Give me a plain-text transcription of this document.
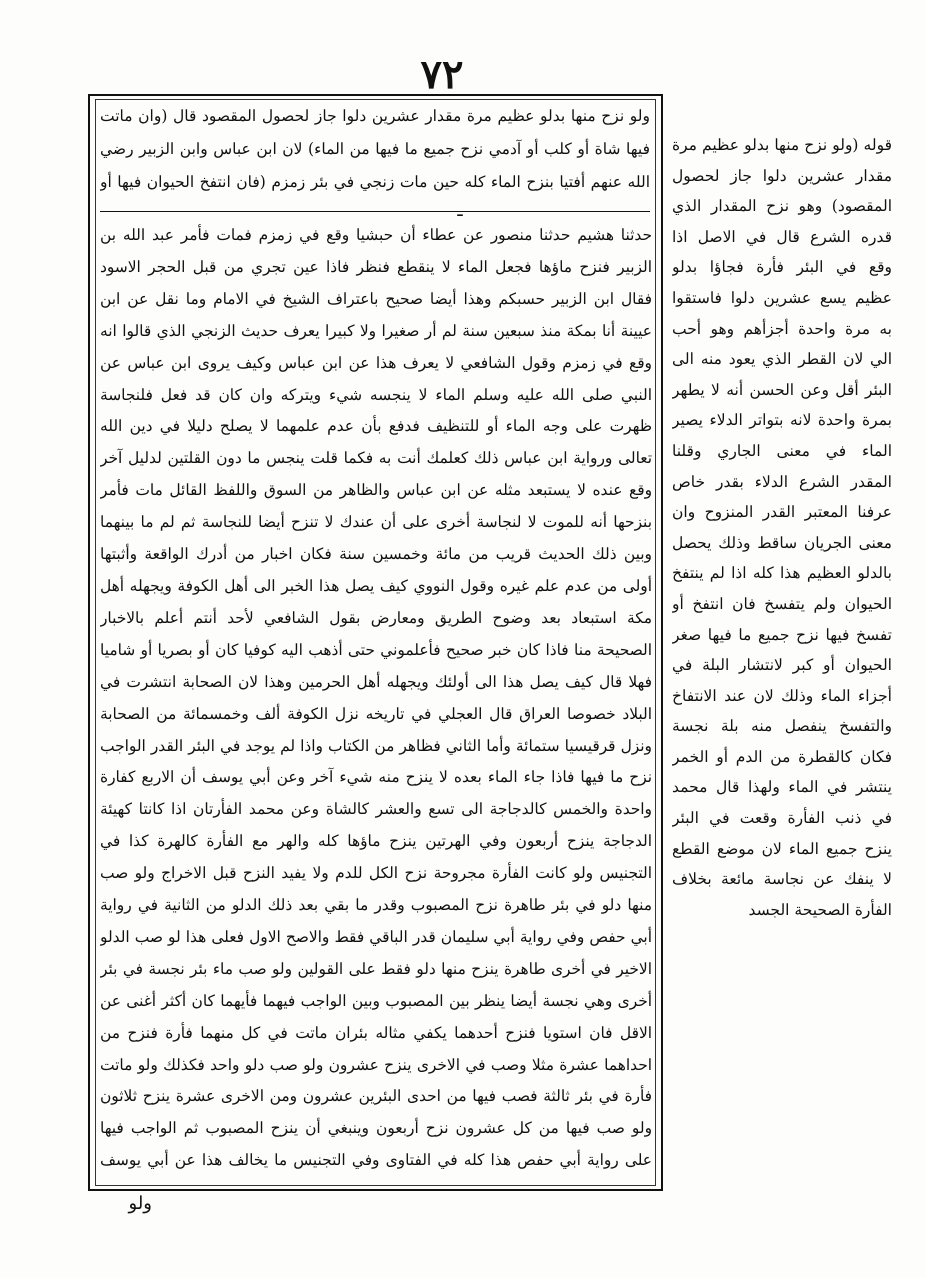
٧٢

قوله (ولو نزح منها بدلو عظيم مرة مقدار عشرين دلوا جاز لحصول المقصود) وهو نزح المقدار الذي قدره الشرع قال في الاصل اذا وقع في البئر فأرة فجاؤا بدلو عظيم يسع عشرين دلوا فاستقوا به مرة واحدة أجزأهم وهو أحب الي لان القطر الذي يعود منه الى البئر أقل وعن الحسن أنه لا يطهر بمرة واحدة لانه بتواتر الدلاء يصير الماء في معنى الجاري وقلنا المقدر الشرع الدلاء بقدر خاص عرفنا المعتبر القدر المنزوح وان معنى الجريان ساقط وذلك يحصل بالدلو العظيم هذا كله اذا لم ينتفخ الحيوان ولم يتفسخ فان انتفخ أو تفسخ فيها نزح جميع ما فيها صغر الحيوان أو كبر لانتشار البلة في أجزاء الماء وذلك لان عند الانتفاخ والتفسخ ينفصل منه بلة نجسة فكان كالقطرة من الدم أو الخمر ينتشر في الماء ولهذا قال محمد في ذنب الفأرة وقعت في البئر ينزح جميع الماء لان موضع القطع لا ينفك عن نجاسة مائعة بخلاف الفأرة الصحيحة الجسد

ولو نزح منها بدلو عظيم مرة مقدار عشرين دلوا جاز لحصول المقصود قال (وان ماتت فيها شاة أو كلب أو آدمي نزح جميع ما فيها من الماء) لان ابن عباس وابن الزبير رضي الله عنهم أفتيا بنزح الماء كله حين مات زنجي في بئر زمزم (فان انتفخ الحيوان فيها أو

ـ

حدثنا هشيم حدثنا منصور عن عطاء أن حبشيا وقع في زمزم فمات فأمر عبد الله بن الزبير فنزح ماؤها فجعل الماء لا ينقطع فنظر فاذا عين تجري من قبل الحجر الاسود فقال ابن الزبير حسبكم وهذا أيضا صحيح باعتراف الشيخ في الامام وما نقل عن ابن عيينة أنا بمكة منذ سبعين سنة لم أر صغيرا ولا كبيرا يعرف حديث الزنجي الذي قالوا انه وقع في زمزم وقول الشافعي لا يعرف هذا عن ابن عباس وكيف يروى ابن عباس عن النبي صلى الله عليه وسلم الماء لا ينجسه شيء ويتركه وان كان قد فعل فلنجاسة ظهرت على وجه الماء أو للتنظيف فدفع بأن عدم علمهما لا يصلح دليلا في دين الله تعالى ورواية ابن عباس ذلك كعلمك أنت به فكما قلت ينجس ما دون القلتين لدليل آخر وقع عنده لا يستبعد مثله عن ابن عباس والظاهر من السوق واللفظ القائل مات فأمر بنزحها أنه للموت لا لنجاسة أخرى على أن عندك لا تنزح أيضا للنجاسة ثم لم ما بينهما وبين ذلك الحديث قريب من مائة وخمسين سنة فكان اخبار من أدرك الواقعة وأثبتها أولى من عدم علم غيره وقول النووي كيف يصل هذا الخبر الى أهل الكوفة ويجهله أهل مكة استبعاد بعد وضوح الطريق ومعارض بقول الشافعي لأحد أنتم أعلم بالاخبار الصحيحة منا فاذا كان خبر صحيح فأعلموني حتى أذهب اليه كوفيا كان أو بصريا أو شاميا فهلا قال كيف يصل هذا الى أولئك ويجهله أهل الحرمين وهذا لان الصحابة انتشرت في البلاد خصوصا العراق قال العجلي في تاريخه نزل الكوفة ألف وخمسمائة من الصحابة ونزل قرقيسيا ستمائة وأما الثاني فظاهر من الكتاب واذا لم يوجد في البئر القدر الواجب نزح ما فيها فاذا جاء الماء بعده لا ينزح منه شيء آخر وعن أبي يوسف أن الاربع كفارة واحدة والخمس كالدجاجة الى تسع والعشر كالشاة وعن محمد الفأرتان اذا كانتا كهيئة الدجاجة ينزح أربعون وفي الهرتين ينزح ماؤها كله والهر مع الفأرة كالهرة كذا في التجنيس ولو كانت الفأرة مجروحة نزح الكل للدم ولا يفيد النزح قبل الاخراج ولو صب منها دلو في بئر طاهرة نزح المصبوب وقدر ما بقي بعد ذلك الدلو من الثانية في رواية أبي حفص وفي رواية أبي سليمان قدر الباقي فقط والاصح الاول فعلى هذا لو صب الدلو الاخير في أخرى طاهرة ينزح منها دلو فقط على القولين ولو صب ماء بئر نجسة في بئر أخرى وهي نجسة أيضا ينظر بين المصبوب وبين الواجب فيهما فأيهما كان أكثر أغنى عن الاقل فان استويا فنزح أحدهما يكفي مثاله بئران ماتت في كل منهما فأرة فنزح من احداهما عشرة مثلا وصب في الاخرى ينزح عشرون ولو صب دلو واحد فكذلك ولو ماتت فأرة في بئر ثالثة فصب فيها من احدى البئرين عشرون ومن الاخرى عشرة ينزح ثلاثون ولو صب فيها من كل عشرون نزح أربعون وينبغي أن ينزح المصبوب ثم الواجب فيها على رواية أبي حفص هذا كله في الفتاوى وفي التجنيس ما يخالف هذا عن أبي يوسف

ولو
